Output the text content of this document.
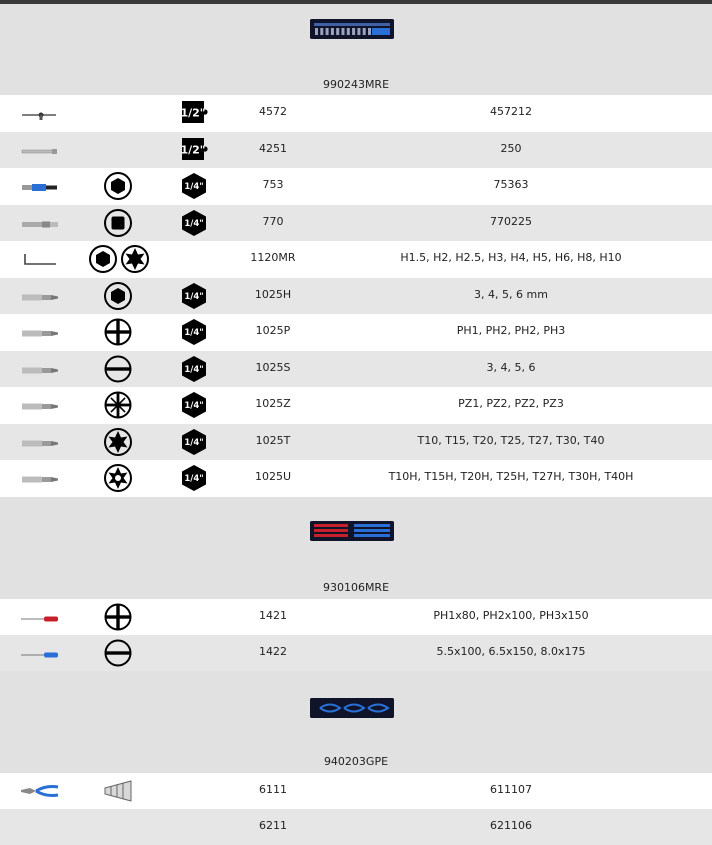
990243MRE
1/2"	4572	457212
1/2"	4251	250
1/4"	753	75363
1/4"	770	770225
1120MR	H1.5, H2, H2.5, H3, H4, H5, H6, H8, H10
1/4"	1025H	3, 4, 5, 6 mm
1/4"	1025P	PH1, PH2, PH2, PH3
1/4"	1025S	3, 4, 5, 6
1/4"	1025Z	PZ1, PZ2, PZ2, PZ3
1/4"	1025T	T10, T15, T20, T25, T27, T30, T40
1/4"	1025U	T10H, T15H, T20H, T25H, T27H, T30H, T40H
930106MRE
1421	PH1x80, PH2x100, PH3x150
1422	5.5x100, 6.5x150, 8.0x175
940203GPE
6111	611107
6211	621106
